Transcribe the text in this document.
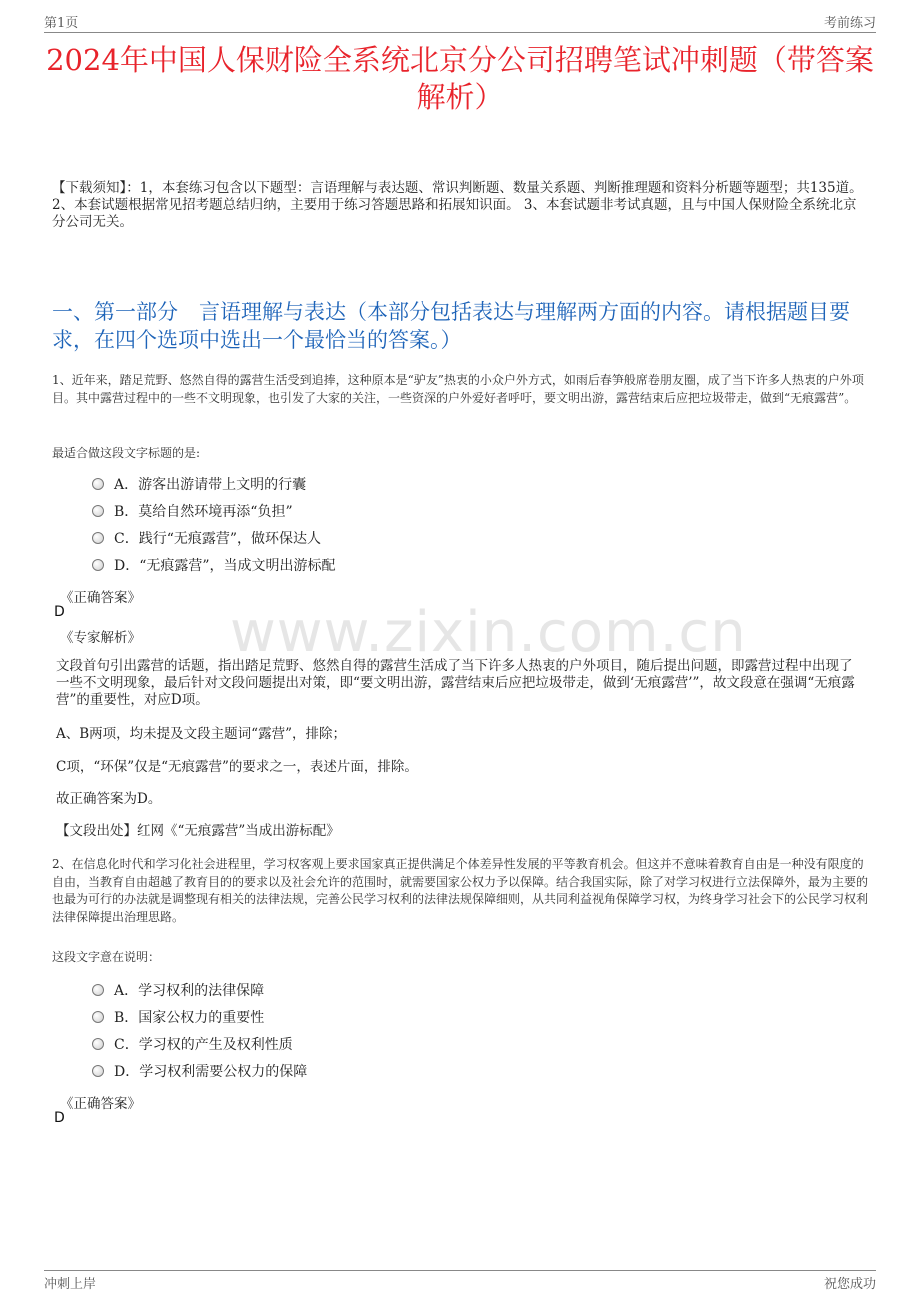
第1页	考前练习
2024年中国人保财险全系统北京分公司招聘笔试冲刺题（带答案解析）
【下载须知】：1，本套练习包含以下题型：言语理解与表达题、常识判断题、数量关系题、判断推理题和资料分析题等题型；共135道。 2、本套试题根据常见招考题总结归纳，主要用于练习答题思路和拓展知识面。 3、本套试题非考试真题，且与中国人保财险全系统北京分公司无关。
一、第一部分　言语理解与表达（本部分包括表达与理解两方面的内容。请根据题目要求，在四个选项中选出一个最恰当的答案。）
www.zixin.com.cn
1、近年来，踏足荒野、悠然自得的露营生活受到追捧，这种原本是“驴友”热衷的小众户外方式，如雨后春笋般席卷朋友圈，成了当下许多人热衷的户外项目。其中露营过程中的一些不文明现象，也引发了大家的关注，一些资深的户外爱好者呼吁，要文明出游，露营结束后应把垃圾带走，做到“无痕露营”。
最适合做这段文字标题的是:
A．游客出游请带上文明的行囊
B．莫给自然环境再添“负担”
C．践行“无痕露营”，做环保达人
D．“无痕露营”，当成文明出游标配
《正确答案》
D
《专家解析》
文段首句引出露营的话题，指出踏足荒野、悠然自得的露营生活成了当下许多人热衷的户外项目，随后提出问题，即露营过程中出现了一些不文明现象，最后针对文段问题提出对策，即“要文明出游，露营结束后应把垃圾带走，做到‘无痕露营’”，故文段意在强调“无痕露营”的重要性，对应D项。
A、B两项，均未提及文段主题词“露营”，排除；
C项，“环保”仅是“无痕露营”的要求之一，表述片面，排除。
故正确答案为D。
【文段出处】红网《“无痕露营”当成出游标配》
2、在信息化时代和学习化社会进程里，学习权客观上要求国家真正提供满足个体差异性发展的平等教育机会。但这并不意味着教育自由是一种没有限度的自由，当教育自由超越了教育目的的要求以及社会允许的范围时，就需要国家公权力予以保障。结合我国实际，除了对学习权进行立法保障外，最为主要的也最为可行的办法就是调整现有相关的法律法规，完善公民学习权利的法律法规保障细则，从共同利益视角保障学习权，为终身学习社会下的公民学习权利法律保障提出治理思路。
这段文字意在说明：
A．学习权利的法律保障
B．国家公权力的重要性
C．学习权的产生及权利性质
D．学习权利需要公权力的保障
《正确答案》
D
冲刺上岸	祝您成功
